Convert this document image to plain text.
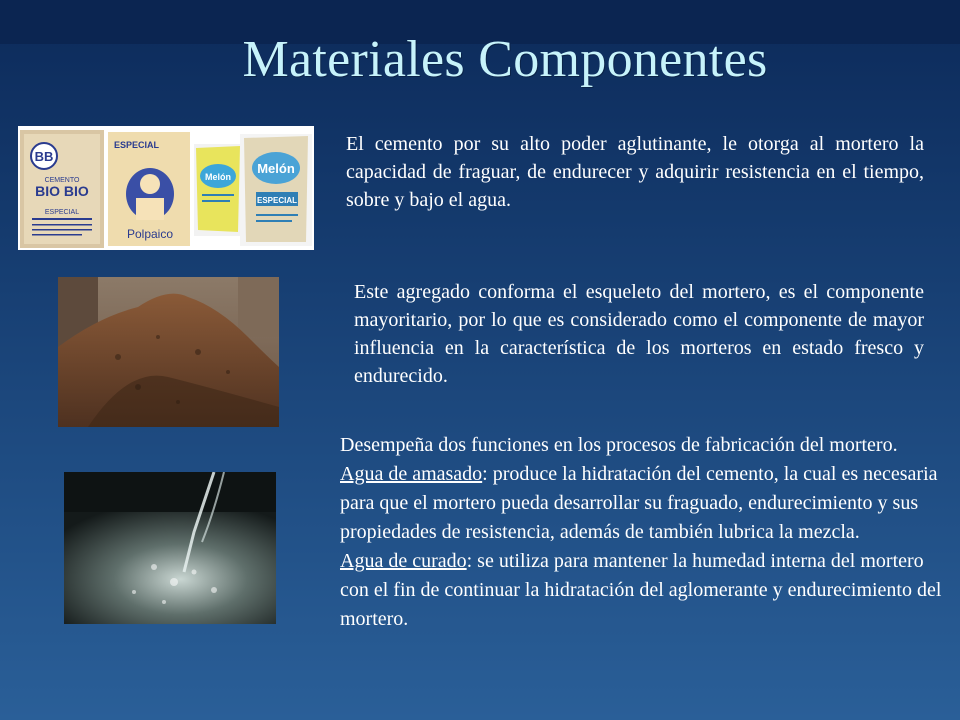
Materiales Componentes
BB
CEMENTO
BIO BIO
ESPECIAL
ESPECIAL
Polpaico
Melón
Melón
ESPECIAL
El cemento por su alto poder aglutinante, le otorga al mortero la capacidad de fraguar, de endurecer y adquirir resistencia en el tiempo, sobre y bajo el agua.
Este agregado conforma el esqueleto del mortero, es el componente mayoritario, por lo que es considerado como el componente de mayor influencia en la característica de los morteros en estado fresco y endurecido.
Desempeña dos funciones en los procesos de fabricación del mortero.
Agua de amasado: produce la hidratación del cemento, la cual es necesaria para que el mortero pueda desarrollar su fraguado, endurecimiento y sus propiedades de resistencia, además de también lubrica la mezcla.
Agua de curado: se utiliza para mantener la humedad interna del mortero con el fin de continuar la hidratación del aglomerante y endurecimiento del mortero.
